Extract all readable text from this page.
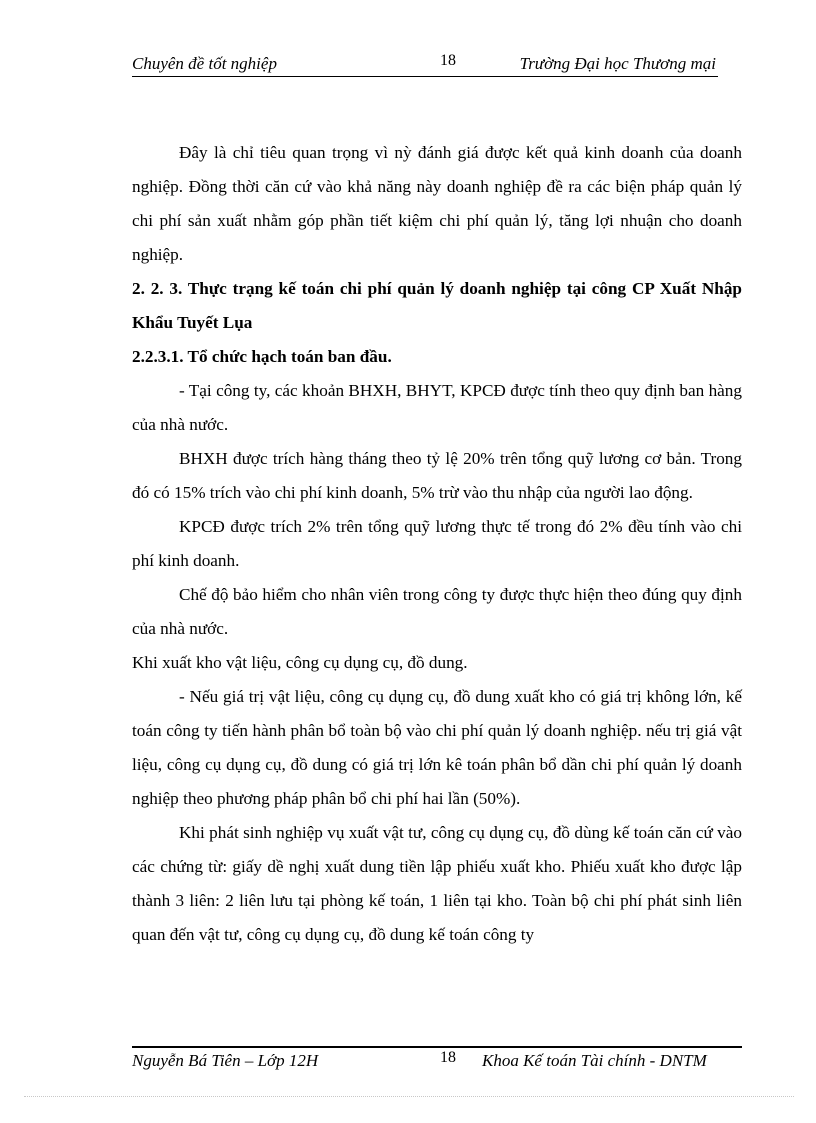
Chuyên đề tốt nghiệp	18	Trường Đại học Thương mại

Đây là chỉ tiêu quan trọng vì nỳ đánh giá được kết quả kinh doanh của doanh nghiệp. Đồng thời căn cứ vào khả năng này doanh nghiệp đề ra các biện pháp quản lý chi phí sản xuất nhằm góp phần tiết kiệm chi phí quản lý, tăng lợi nhuận cho doanh nghiệp.

2. 2. 3. Thực trạng kế toán chi phí quản lý doanh nghiệp tại công CP Xuất Nhập Khẩu Tuyết Lụa

2.2.3.1. Tổ chức hạch toán ban đầu.

- Tại công ty, các khoản BHXH, BHYT, KPCĐ được tính theo quy định ban hàng của nhà nước.

BHXH được trích hàng tháng theo tỷ lệ 20% trên tổng quỹ lương cơ bản. Trong đó có 15% trích vào chi phí kinh doanh, 5% trừ vào thu nhập của người lao động.

KPCĐ được trích 2% trên tổng quỹ lương thực tế trong đó 2% đều tính vào chi phí kinh doanh.

Chế độ bảo hiểm cho nhân viên trong công ty được thực hiện theo đúng quy định của nhà nước.

Khi xuất kho vật liệu, công cụ dụng cụ, đồ dung.

- Nếu giá trị vật liệu, công cụ dụng cụ, đồ dung xuất kho có giá trị không lớn, kế toán công ty tiến hành phân bổ toàn bộ vào chi phí quản lý doanh nghiệp. nếu trị giá vật liệu, công cụ dụng cụ, đồ dung có giá trị lớn kê toán phân bổ dần chi phí quản lý doanh nghiệp theo phương pháp phân bổ chi phí hai lần (50%).

Khi phát sinh nghiệp vụ xuất vật tư, công cụ dụng cụ, đồ dùng kế toán căn cứ vào các chứng từ: giấy dề nghị xuất dung tiền lập phiếu xuất kho. Phiếu xuất kho được lập thành 3 liên: 2 liên lưu tại phòng kế toán, 1 liên tại kho. Toàn bộ chi phí phát sinh liên quan đến vật tư, công cụ dụng cụ, đồ dung kế toán công ty

Nguyễn Bá Tiên – Lớp 12H	18 Khoa Kế toán Tài chính - DNTM
